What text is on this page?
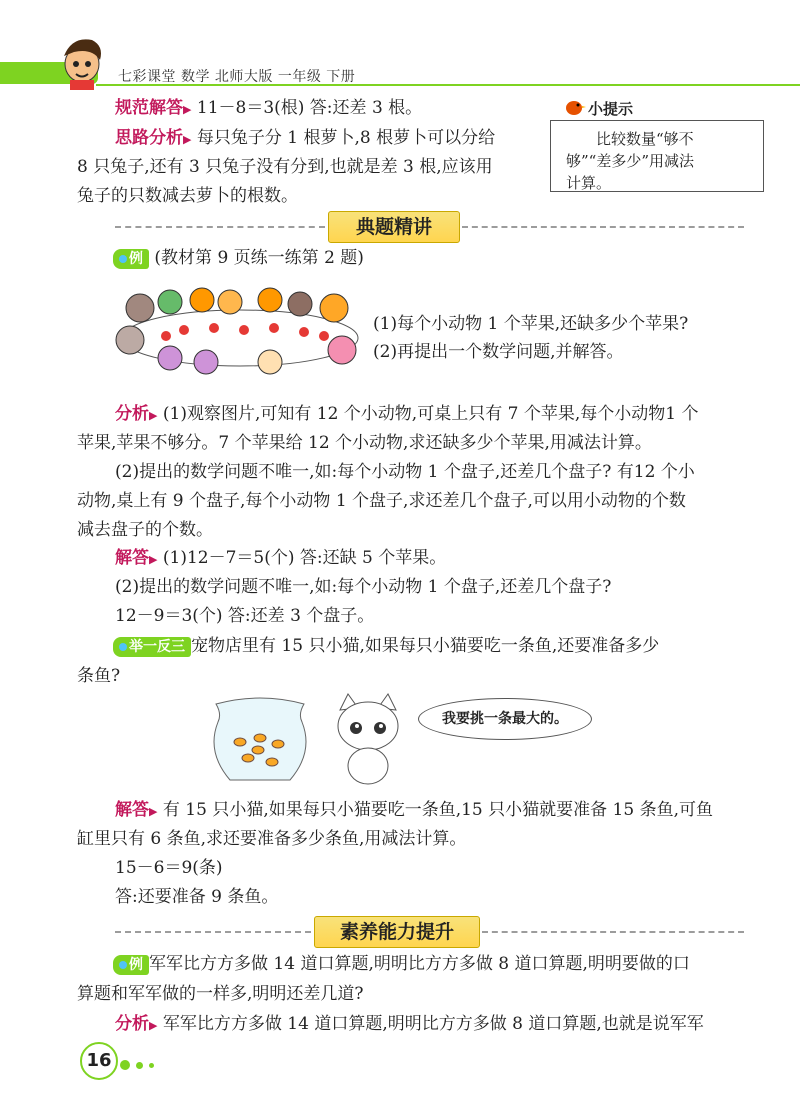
七彩课堂 数学 北师大版 一年级 下册
规范解答▶ 11－8＝3(根) 答:还差 3 根。
思路分析▶ 每只兔子分 1 根萝卜,8 根萝卜可以分给
8 只兔子,还有 3 只兔子没有分到,也就是差 3 根,应该用
兔子的只数减去萝卜的根数。
小提示
比较数量“够不
够”“差多少”用减法
计算。
典题精讲
例 (教材第 9 页练一练第 2 题)
(1)每个小动物 1 个苹果,还缺多少个苹果?
(2)再提出一个数学问题,并解答。
分析▶ (1)观察图片,可知有 12 个小动物,可桌上只有 7 个苹果,每个小动物1 个
苹果,苹果不够分。7 个苹果给 12 个小动物,求还缺多少个苹果,用减法计算。
(2)提出的数学问题不唯一,如:每个小动物 1 个盘子,还差几个盘子? 有12 个小
动物,桌上有 9 个盘子,每个小动物 1 个盘子,求还差几个盘子,可以用小动物的个数
减去盘子的个数。
解答▶ (1)12－7＝5(个) 答:还缺 5 个苹果。
(2)提出的数学问题不唯一,如:每个小动物 1 个盘子,还差几个盘子?
12－9＝3(个) 答:还差 3 个盘子。
举一反三 宠物店里有 15 只小猫,如果每只小猫要吃一条鱼,还要准备多少
条鱼?
我要挑一条最大的。
解答▶ 有 15 只小猫,如果每只小猫要吃一条鱼,15 只小猫就要准备 15 条鱼,可鱼
缸里只有 6 条鱼,求还要准备多少条鱼,用减法计算。
15－6＝9(条)
答:还要准备 9 条鱼。
素养能力提升
例 军军比方方多做 14 道口算题,明明比方方多做 8 道口算题,明明要做的口
算题和军军做的一样多,明明还差几道?
分析▶ 军军比方方多做 14 道口算题,明明比方方多做 8 道口算题,也就是说军军
16
